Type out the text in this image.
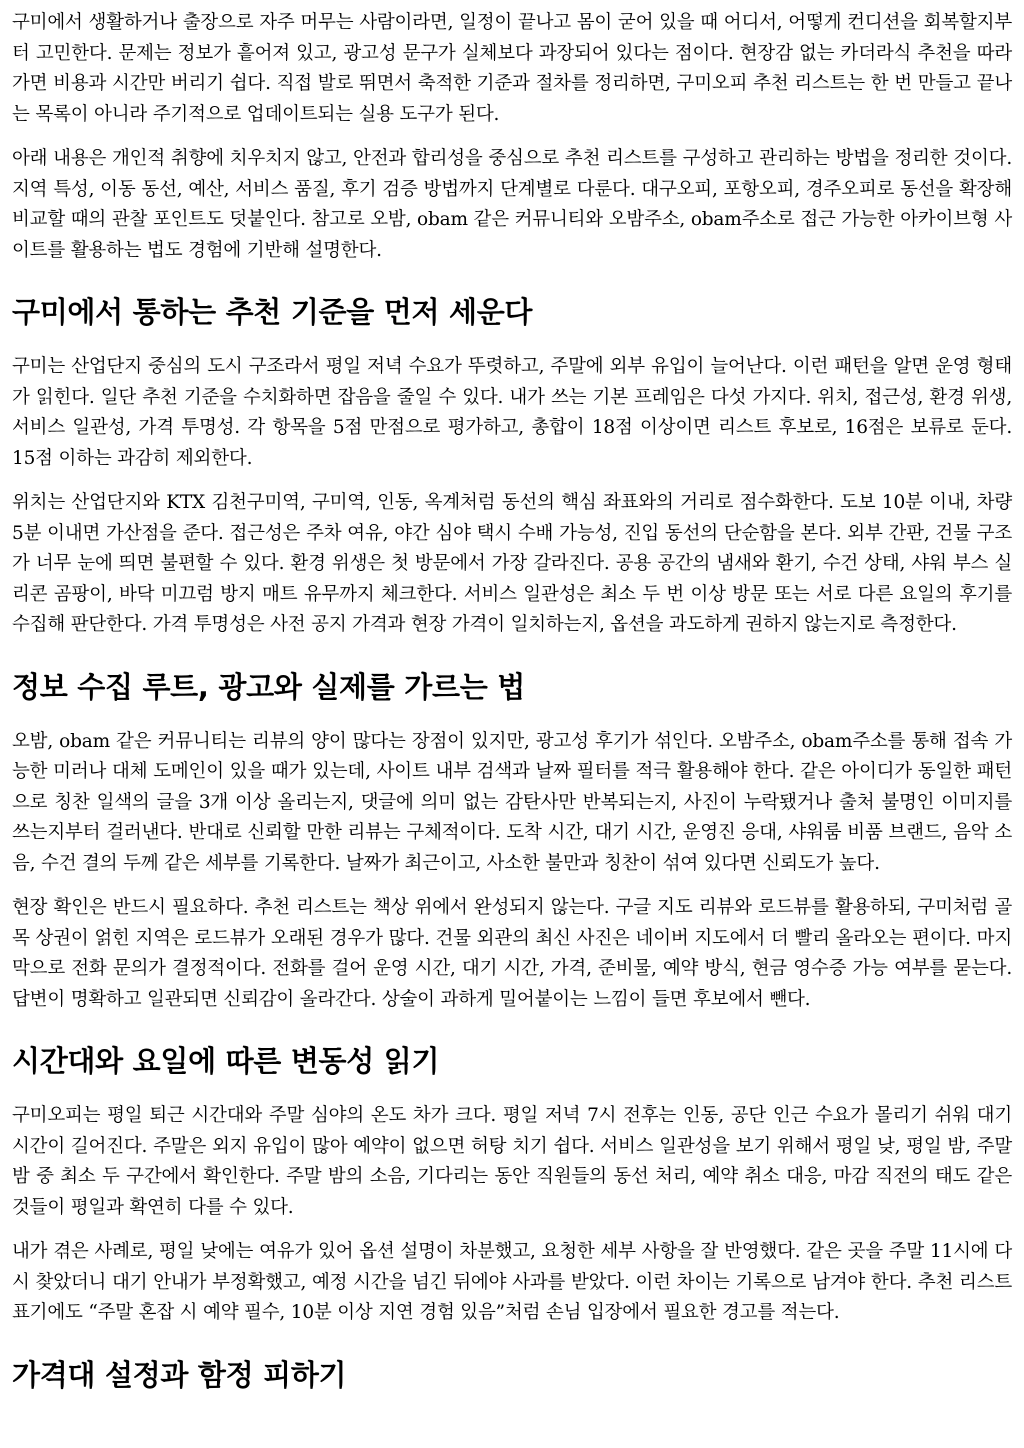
구미에서 생활하거나 출장으로 자주 머무는 사람이라면, 일정이 끝나고 몸이 굳어 있을 때 어디서, 어떻게 컨디션을 회복할지부터 고민한다. 문제는 정보가 흩어져 있고, 광고성 문구가 실체보다 과장되어 있다는 점이다. 현장감 없는 카더라식 추천을 따라가면 비용과 시간만 버리기 쉽다. 직접 발로 뛰면서 축적한 기준과 절차를 정리하면, 구미오피 추천 리스트는 한 번 만들고 끝나는 목록이 아니라 주기적으로 업데이트되는 실용 도구가 된다.

아래 내용은 개인적 취향에 치우치지 않고, 안전과 합리성을 중심으로 추천 리스트를 구성하고 관리하는 방법을 정리한 것이다. 지역 특성, 이동 동선, 예산, 서비스 품질, 후기 검증 방법까지 단계별로 다룬다. 대구오피, 포항오피, 경주오피로 동선을 확장해 비교할 때의 관찰 포인트도 덧붙인다. 참고로 오밤, obam 같은 커뮤니티와 오밤주소, obam주소로 접근 가능한 아카이브형 사이트를 활용하는 법도 경험에 기반해 설명한다.

구미에서 통하는 추천 기준을 먼저 세운다

구미는 산업단지 중심의 도시 구조라서 평일 저녁 수요가 뚜렷하고, 주말에 외부 유입이 늘어난다. 이런 패턴을 알면 운영 형태가 읽힌다. 일단 추천 기준을 수치화하면 잡음을 줄일 수 있다. 내가 쓰는 기본 프레임은 다섯 가지다. 위치, 접근성, 환경 위생, 서비스 일관성, 가격 투명성. 각 항목을 5점 만점으로 평가하고, 총합이 18점 이상이면 리스트 후보로, 16점은 보류로 둔다. 15점 이하는 과감히 제외한다.

위치는 산업단지와 KTX 김천구미역, 구미역, 인동, 옥계처럼 동선의 핵심 좌표와의 거리로 점수화한다. 도보 10분 이내, 차량 5분 이내면 가산점을 준다. 접근성은 주차 여유, 야간 심야 택시 수배 가능성, 진입 동선의 단순함을 본다. 외부 간판, 건물 구조가 너무 눈에 띄면 불편할 수 있다. 환경 위생은 첫 방문에서 가장 갈라진다. 공용 공간의 냄새와 환기, 수건 상태, 샤워 부스 실리콘 곰팡이, 바닥 미끄럼 방지 매트 유무까지 체크한다. 서비스 일관성은 최소 두 번 이상 방문 또는 서로 다른 요일의 후기를 수집해 판단한다. 가격 투명성은 사전 공지 가격과 현장 가격이 일치하는지, 옵션을 과도하게 권하지 않는지로 측정한다.

정보 수집 루트, 광고와 실제를 가르는 법

오밤, obam 같은 커뮤니티는 리뷰의 양이 많다는 장점이 있지만, 광고성 후기가 섞인다. 오밤주소, obam주소를 통해 접속 가능한 미러나 대체 도메인이 있을 때가 있는데, 사이트 내부 검색과 날짜 필터를 적극 활용해야 한다. 같은 아이디가 동일한 패턴으로 칭찬 일색의 글을 3개 이상 올리는지, 댓글에 의미 없는 감탄사만 반복되는지, 사진이 누락됐거나 출처 불명인 이미지를 쓰는지부터 걸러낸다. 반대로 신뢰할 만한 리뷰는 구체적이다. 도착 시간, 대기 시간, 운영진 응대, 샤워룸 비품 브랜드, 음악 소음, 수건 결의 두께 같은 세부를 기록한다. 날짜가 최근이고, 사소한 불만과 칭찬이 섞여 있다면 신뢰도가 높다.

현장 확인은 반드시 필요하다. 추천 리스트는 책상 위에서 완성되지 않는다. 구글 지도 리뷰와 로드뷰를 활용하되, 구미처럼 골목 상권이 얽힌 지역은 로드뷰가 오래된 경우가 많다. 건물 외관의 최신 사진은 네이버 지도에서 더 빨리 올라오는 편이다. 마지막으로 전화 문의가 결정적이다. 전화를 걸어 운영 시간, 대기 시간, 가격, 준비물, 예약 방식, 현금 영수증 가능 여부를 묻는다. 답변이 명확하고 일관되면 신뢰감이 올라간다. 상술이 과하게 밀어붙이는 느낌이 들면 후보에서 뺀다.

시간대와 요일에 따른 변동성 읽기

구미오피는 평일 퇴근 시간대와 주말 심야의 온도 차가 크다. 평일 저녁 7시 전후는 인동, 공단 인근 수요가 몰리기 쉬워 대기 시간이 길어진다. 주말은 외지 유입이 많아 예약이 없으면 허탕 치기 쉽다. 서비스 일관성을 보기 위해서 평일 낮, 평일 밤, 주말 밤 중 최소 두 구간에서 확인한다. 주말 밤의 소음, 기다리는 동안 직원들의 동선 처리, 예약 취소 대응, 마감 직전의 태도 같은 것들이 평일과 확연히 다를 수 있다.

내가 겪은 사례로, 평일 낮에는 여유가 있어 옵션 설명이 차분했고, 요청한 세부 사항을 잘 반영했다. 같은 곳을 주말 11시에 다시 찾았더니 대기 안내가 부정확했고, 예정 시간을 넘긴 뒤에야 사과를 받았다. 이런 차이는 기록으로 남겨야 한다. 추천 리스트 표기에도 “주말 혼잡 시 예약 필수, 10분 이상 지연 경험 있음”처럼 손님 입장에서 필요한 경고를 적는다.

가격대 설정과 함정 피하기
